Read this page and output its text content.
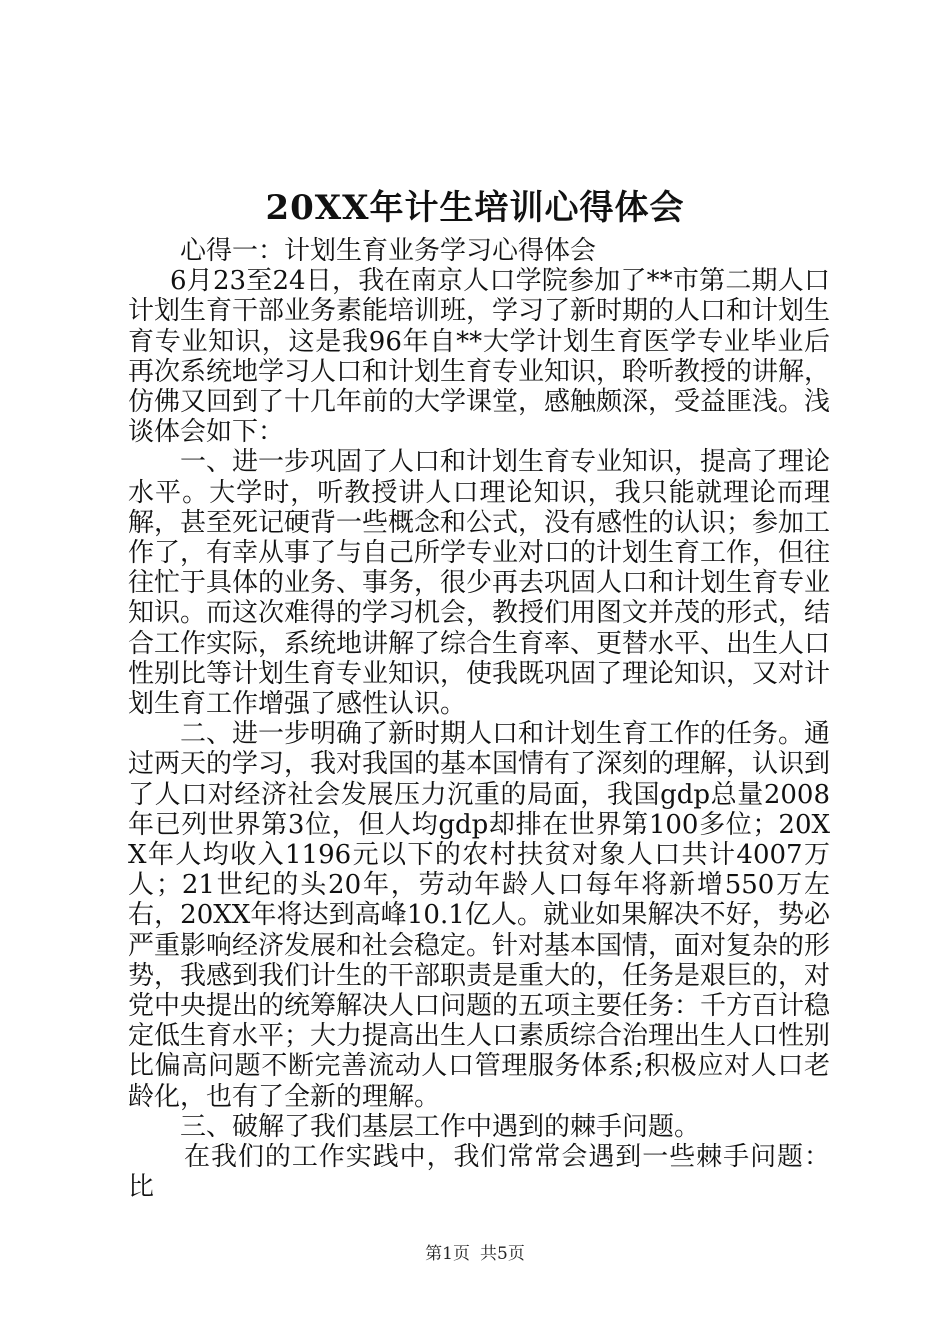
20XX年计生培训心得体会

心得一：计划生育业务学习心得体会

6月23至24日，我在南京人口学院参加了**市第二期人口计划生育干部业务素能培训班，学习了新时期的人口和计划生育专业知识，这是我96年自**大学计划生育医学专业毕业后再次系统地学习人口和计划生育专业知识，聆听教授的讲解，仿佛又回到了十几年前的大学课堂，感触颇深，受益匪浅。浅谈体会如下：

一、进一步巩固了人口和计划生育专业知识，提高了理论水平。大学时，听教授讲人口理论知识，我只能就理论而理解，甚至死记硬背一些概念和公式，没有感性的认识；参加工作了，有幸从事了与自己所学专业对口的计划生育工作，但往往忙于具体的业务、事务，很少再去巩固人口和计划生育专业知识。而这次难得的学习机会，教授们用图文并茂的形式，结合工作实际，系统地讲解了综合生育率、更替水平、出生人口性别比等计划生育专业知识，使我既巩固了理论知识，又对计划生育工作增强了感性认识。

二、进一步明确了新时期人口和计划生育工作的任务。通过两天的学习，我对我国的基本国情有了深刻的理解，认识到了人口对经济社会发展压力沉重的局面，我国gdp总量2008年已列世界第3位，但人均gdp却排在世界第100多位；20XX年人均收入1196元以下的农村扶贫对象人口共计4007万人；21世纪的头20年，劳动年龄人口每年将新增550万左右，20XX年将达到高峰10.1亿人。就业如果解决不好，势必严重影响经济发展和社会稳定。针对基本国情，面对复杂的形势，我感到我们计生的干部职责是重大的，任务是艰巨的，对党中央提出的统筹解决人口问题的五项主要任务：千方百计稳定低生育水平；大力提高出生人口素质综合治理出生人口性别比偏高问题不断完善流动人口管理服务体系;积极应对人口老龄化，也有了全新的理解。

三、破解了我们基层工作中遇到的棘手问题。

在我们的工作实践中，我们常常会遇到一些棘手问题：比

第1页 共5页
